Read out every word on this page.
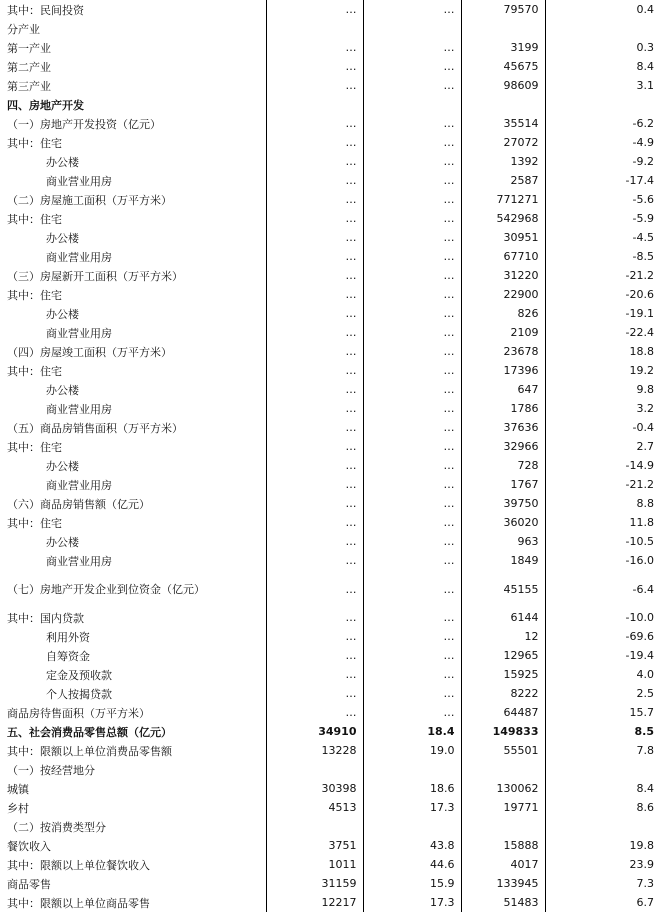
其中：民间投资	…	…	79570	0.4
分产业				
第一产业	…	…	3199	0.3
第二产业	…	…	45675	8.4
第三产业	…	…	98609	3.1
四、房地产开发				
（一）房地产开发投资（亿元）	…	…	35514	-6.2
其中：住宅	…	…	27072	-4.9
办公楼	…	…	1392	-9.2
商业营业用房	…	…	2587	-17.4
（二）房屋施工面积（万平方米）	…	…	771271	-5.6
其中：住宅	…	…	542968	-5.9
办公楼	…	…	30951	-4.5
商业营业用房	…	…	67710	-8.5
（三）房屋新开工面积（万平方米）	…	…	31220	-21.2
其中：住宅	…	…	22900	-20.6
办公楼	…	…	826	-19.1
商业营业用房	…	…	2109	-22.4
（四）房屋竣工面积（万平方米）	…	…	23678	18.8
其中：住宅	…	…	17396	19.2
办公楼	…	…	647	9.8
商业营业用房	…	…	1786	3.2
（五）商品房销售面积（万平方米）	…	…	37636	-0.4
其中：住宅	…	…	32966	2.7
办公楼	…	…	728	-14.9
商业营业用房	…	…	1767	-21.2
（六）商品房销售额（亿元）	…	…	39750	8.8
其中：住宅	…	…	36020	11.8
办公楼	…	…	963	-10.5
商业营业用房	…	…	1849	-16.0
（七）房地产开发企业到位资金（亿元）	…	…	45155	-6.4
其中：国内贷款	…	…	6144	-10.0
利用外资	…	…	12	-69.6
自筹资金	…	…	12965	-19.4
定金及预收款	…	…	15925	4.0
个人按揭贷款	…	…	8222	2.5
商品房待售面积（万平方米）	…	…	64487	15.7
五、社会消费品零售总额（亿元）	34910	18.4	149833	8.5
其中：限额以上单位消费品零售额	13228	19.0	55501	7.8
（一）按经营地分				
城镇	30398	18.6	130062	8.4
乡村	4513	17.3	19771	8.6
（二）按消费类型分				
餐饮收入	3751	43.8	15888	19.8
其中：限额以上单位餐饮收入	1011	44.6	4017	23.9
商品零售	31159	15.9	133945	7.3
其中：限额以上单位商品零售	12217	17.3	51483	6.7
